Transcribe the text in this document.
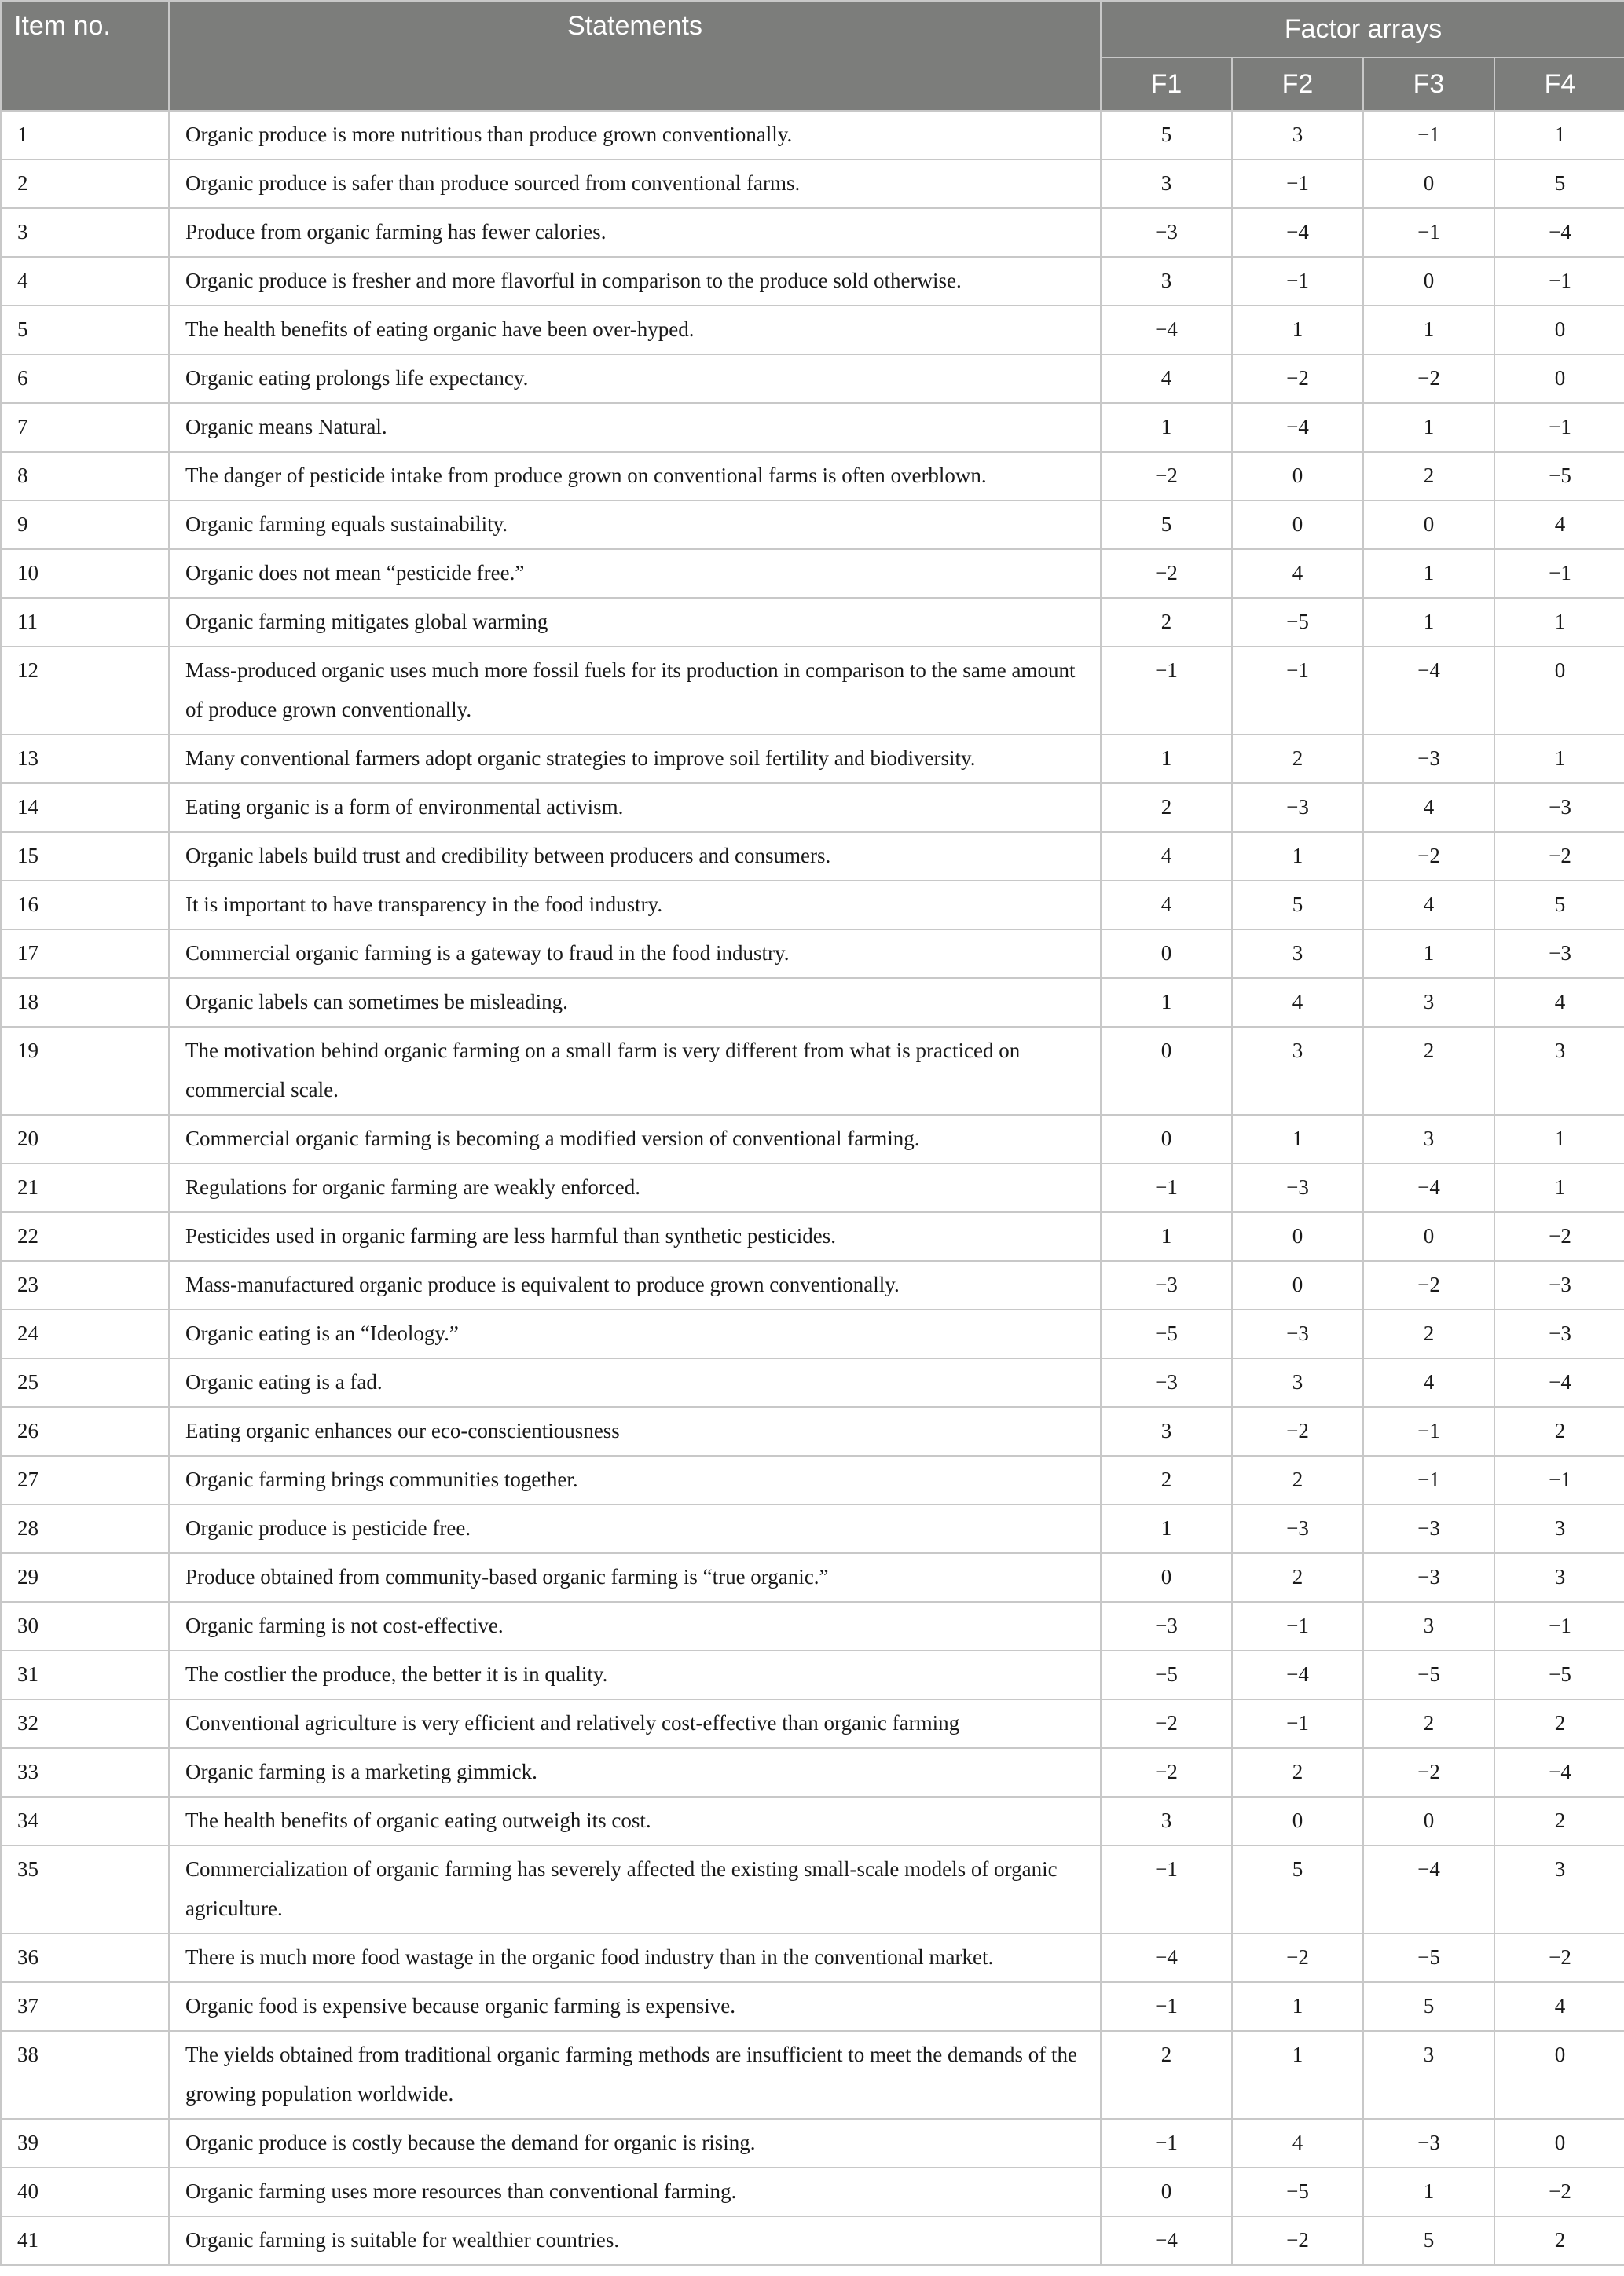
Item no.	Statements	Factor arrays			
		F1	F2	F3	F4

1	Organic produce is more nutritious than produce grown conventionally.	5	3	−1	1

2	Organic produce is safer than produce sourced from conventional farms.	3	−1	0	5

3	Produce from organic farming has fewer calories.	−3	−4	−1	−4

4	Organic produce is fresher and more flavorful in comparison to the produce sold otherwise.	3	−1	0	−1

5	The health benefits of eating organic have been over-hyped.	−4	1	1	0

6	Organic eating prolongs life expectancy.	4	−2	−2	0

7	Organic means Natural.	1	−4	1	−1

8	The danger of pesticide intake from produce grown on conventional farms is often overblown.	−2	0	2	−5

9	Organic farming equals sustainability.	5	0	0	4

10	Organic does not mean “pesticide free.”	−2	4	1	−1

11	Organic farming mitigates global warming	2	−5	1	1

12	Mass-produced organic uses much more fossil fuels for its production in comparison to the same amount of produce grown conventionally.	−1	−1	−4	0

13	Many conventional farmers adopt organic strategies to improve soil fertility and biodiversity.	1	2	−3	1

14	Eating organic is a form of environmental activism.	2	−3	4	−3

15	Organic labels build trust and credibility between producers and consumers.	4	1	−2	−2

16	It is important to have transparency in the food industry.	4	5	4	5

17	Commercial organic farming is a gateway to fraud in the food industry.	0	3	1	−3

18	Organic labels can sometimes be misleading.	1	4	3	4

19	The motivation behind organic farming on a small farm is very different from what is practiced on commercial scale.	0	3	2	3

20	Commercial organic farming is becoming a modified version of conventional farming.	0	1	3	1

21	Regulations for organic farming are weakly enforced.	−1	−3	−4	1

22	Pesticides used in organic farming are less harmful than synthetic pesticides.	1	0	0	−2

23	Mass-manufactured organic produce is equivalent to produce grown conventionally.	−3	0	−2	−3

24	Organic eating is an “Ideology.”	−5	−3	2	−3

25	Organic eating is a fad.	−3	3	4	−4

26	Eating organic enhances our eco-conscientiousness	3	−2	−1	2

27	Organic farming brings communities together.	2	2	−1	−1

28	Organic produce is pesticide free.	1	−3	−3	3

29	Produce obtained from community-based organic farming is “true organic.”	0	2	−3	3

30	Organic farming is not cost-effective.	−3	−1	3	−1

31	The costlier the produce, the better it is in quality.	−5	−4	−5	−5

32	Conventional agriculture is very efficient and relatively cost-effective than organic farming	−2	−1	2	2

33	Organic farming is a marketing gimmick.	−2	2	−2	−4

34	The health benefits of organic eating outweigh its cost.	3	0	0	2

35	Commercialization of organic farming has severely affected the existing small-scale models of organic agriculture.	−1	5	−4	3

36	There is much more food wastage in the organic food industry than in the conventional market.	−4	−2	−5	−2

37	Organic food is expensive because organic farming is expensive.	−1	1	5	4

38	The yields obtained from traditional organic farming methods are insufficient to meet the demands of the growing population worldwide.	2	1	3	0

39	Organic produce is costly because the demand for organic is rising.	−1	4	−3	0

40	Organic farming uses more resources than conventional farming.	0	−5	1	−2

41	Organic farming is suitable for wealthier countries.	−4	−2	5	2
